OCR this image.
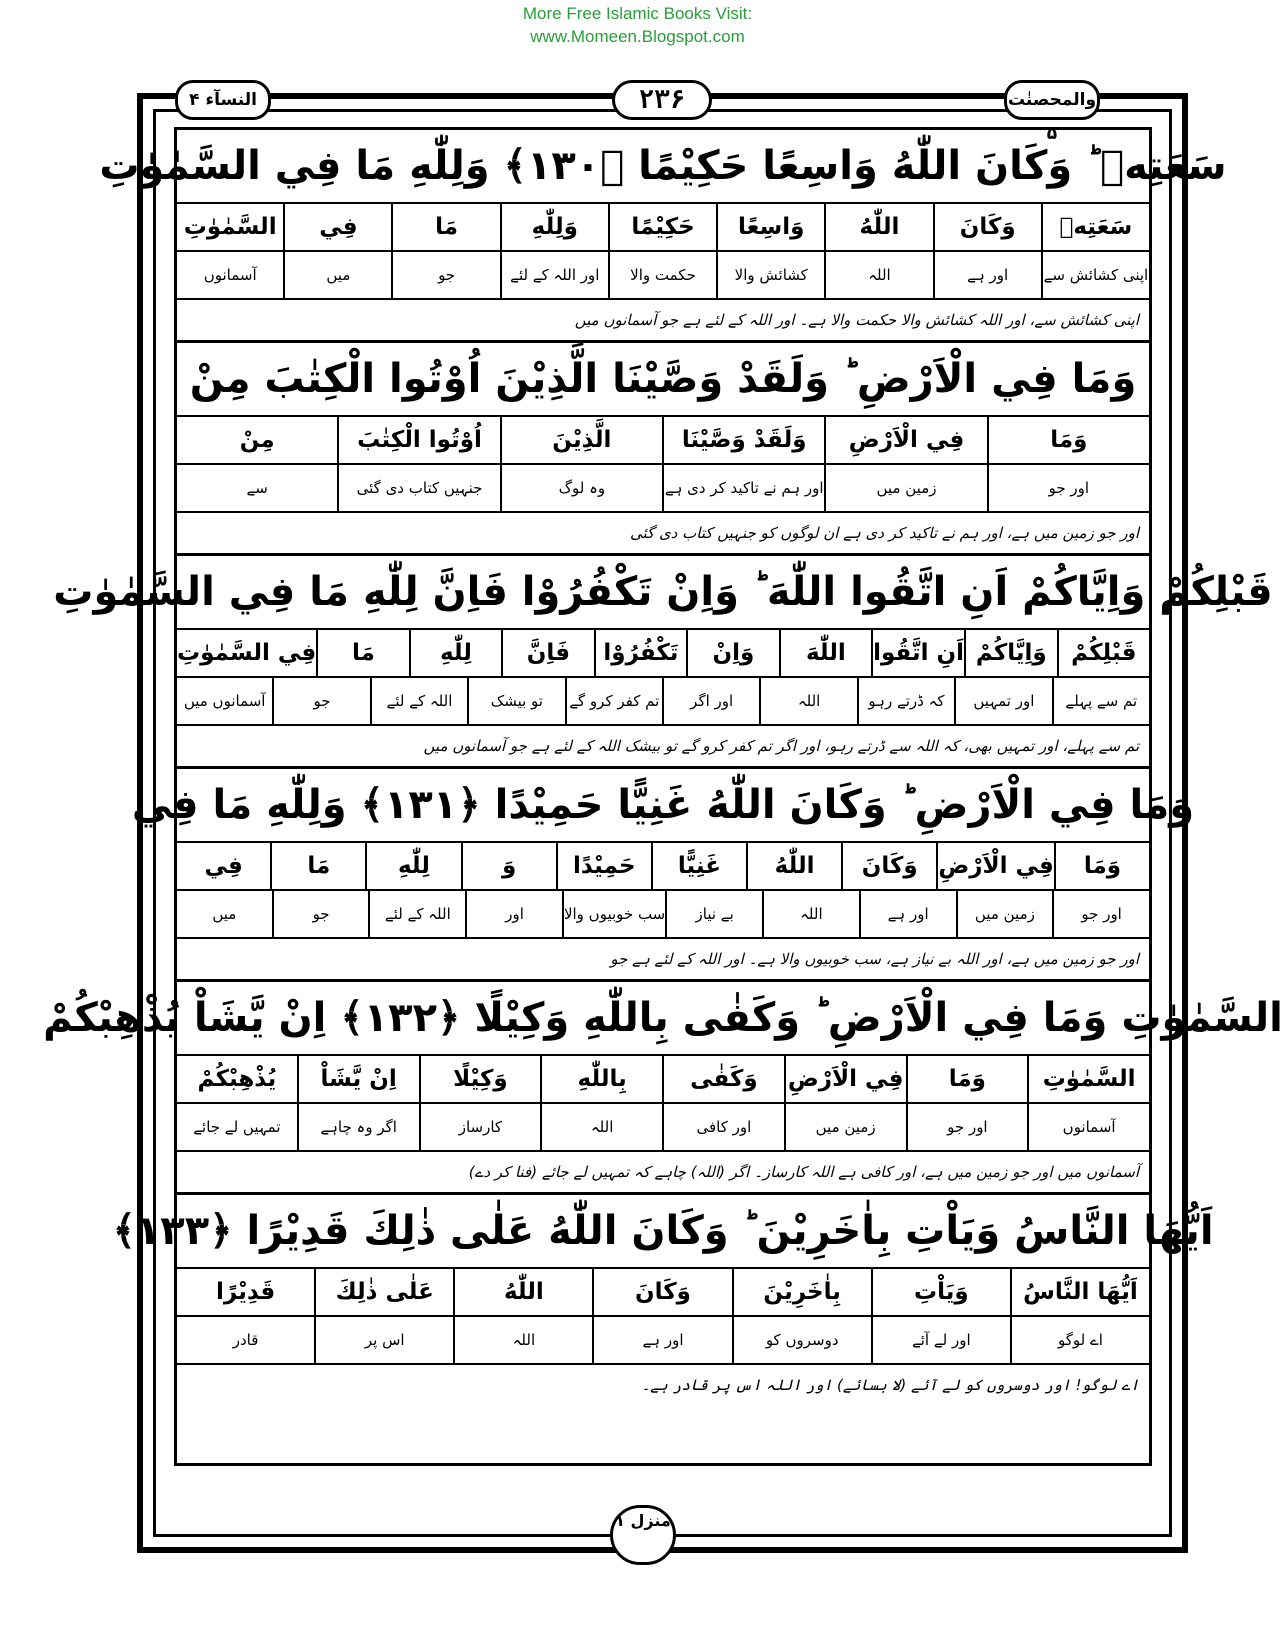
More Free Islamic Books Visit:
www.Momeen.Blogspot.com
النسآء ۴	۲۳۶	والمحصنٰت ۵
سَعَتِهٖ ؕ وَكَانَ اللّٰهُ وَاسِعًا حَكِيْمًا ﴿۱۳۰﴾ وَلِلّٰهِ مَا فِي السَّمٰوٰتِ
سَعَتِهٖ
وَكَانَ
اللّٰهُ
وَاسِعًا
حَكِيْمًا
وَلِلّٰهِ
مَا
فِي
السَّمٰوٰتِ
اپنی کشائش سے
اور ہے
اللہ
کشائش والا
حکمت والا
اور اللہ کے لئے
جو
میں
آسمانوں
اپنی کشائش سے، اور اللہ کشائش والا حکمت والا ہے۔ اور اللہ کے لئے ہے جو آسمانوں میں
وَمَا فِي الْاَرْضِ ؕ وَلَقَدْ وَصَّيْنَا الَّذِيْنَ اُوْتُوا الْكِتٰبَ مِنْ
وَمَا
فِي الْاَرْضِ
وَلَقَدْ وَصَّيْنَا
الَّذِيْنَ
اُوْتُوا الْكِتٰبَ
مِنْ
اور جو
زمین میں
اور ہم نے تاکید کر دی ہے
وہ لوگ
جنہیں کتاب دی گئی
سے
اور جو زمین میں ہے، اور ہم نے تاکید کر دی ہے ان لوگوں کو جنہیں کتاب دی گئی
قَبْلِكُمْ وَاِيَّاكُمْ اَنِ اتَّقُوا اللّٰهَ ؕ وَاِنْ تَكْفُرُوْا فَاِنَّ لِلّٰهِ مَا فِي السَّمٰوٰتِ
قَبْلِكُمْ
وَاِيَّاكُمْ
اَنِ اتَّقُوا
اللّٰهَ
وَاِنْ
تَكْفُرُوْا
فَاِنَّ
لِلّٰهِ
مَا
فِي السَّمٰوٰتِ
تم سے پہلے
اور تمہیں
کہ ڈرتے رہو
اللہ
اور اگر
تم کفر کرو گے
تو بیشک
اللہ کے لئے
جو
آسمانوں میں
تم سے پہلے، اور تمہیں بھی، کہ اللہ سے ڈرتے رہو، اور اگر تم کفر کرو گے تو بیشک اللہ کے لئے ہے جو آسمانوں میں
وَمَا فِي الْاَرْضِ ؕ وَكَانَ اللّٰهُ غَنِيًّا حَمِيْدًا ﴿۱۳۱﴾ وَلِلّٰهِ مَا فِي
وَمَا
فِي الْاَرْضِ
وَكَانَ
اللّٰهُ
غَنِيًّا
حَمِيْدًا
وَ
لِلّٰهِ
مَا
فِي
اور جو
زمین میں
اور ہے
اللہ
بے نیاز
سب خوبیوں والا
اور
اللہ کے لئے
جو
میں
اور جو زمین میں ہے، اور اللہ بے نیاز ہے، سب خوبیوں والا ہے۔ اور اللہ کے لئے ہے جو
السَّمٰوٰتِ وَمَا فِي الْاَرْضِ ؕ وَكَفٰى بِاللّٰهِ وَكِيْلًا ﴿۱۳۲﴾ اِنْ يَّشَاْ يُذْهِبْكُمْ
السَّمٰوٰتِ
وَمَا
فِي الْاَرْضِ
وَكَفٰى
بِاللّٰهِ
وَكِيْلًا
اِنْ يَّشَاْ
يُذْهِبْكُمْ
آسمانوں
اور جو
زمین میں
اور کافی
اللہ
کارساز
اگر وہ چاہے
تمہیں لے جائے
آسمانوں میں اور جو زمین میں ہے، اور کافی ہے اللہ کارساز۔ اگر (اللہ) چاہے کہ تمہیں لے جائے (فنا کر دے)
اَيُّهَا النَّاسُ وَيَاْتِ بِاٰخَرِيْنَ ؕ وَكَانَ اللّٰهُ عَلٰى ذٰلِكَ قَدِيْرًا ﴿۱۳۳﴾
اَيُّهَا النَّاسُ
وَيَاْتِ
بِاٰخَرِيْنَ
وَكَانَ
اللّٰهُ
عَلٰى ذٰلِكَ
قَدِيْرًا
اے لوگو
اور لے آئے
دوسروں کو
اور ہے
اللہ
اس پر
قادر
اے لوگو! اور دوسروں کو لے آئے (لا بسائے) اور اللہ اس پر قادر ہے۔
منزل ۱
